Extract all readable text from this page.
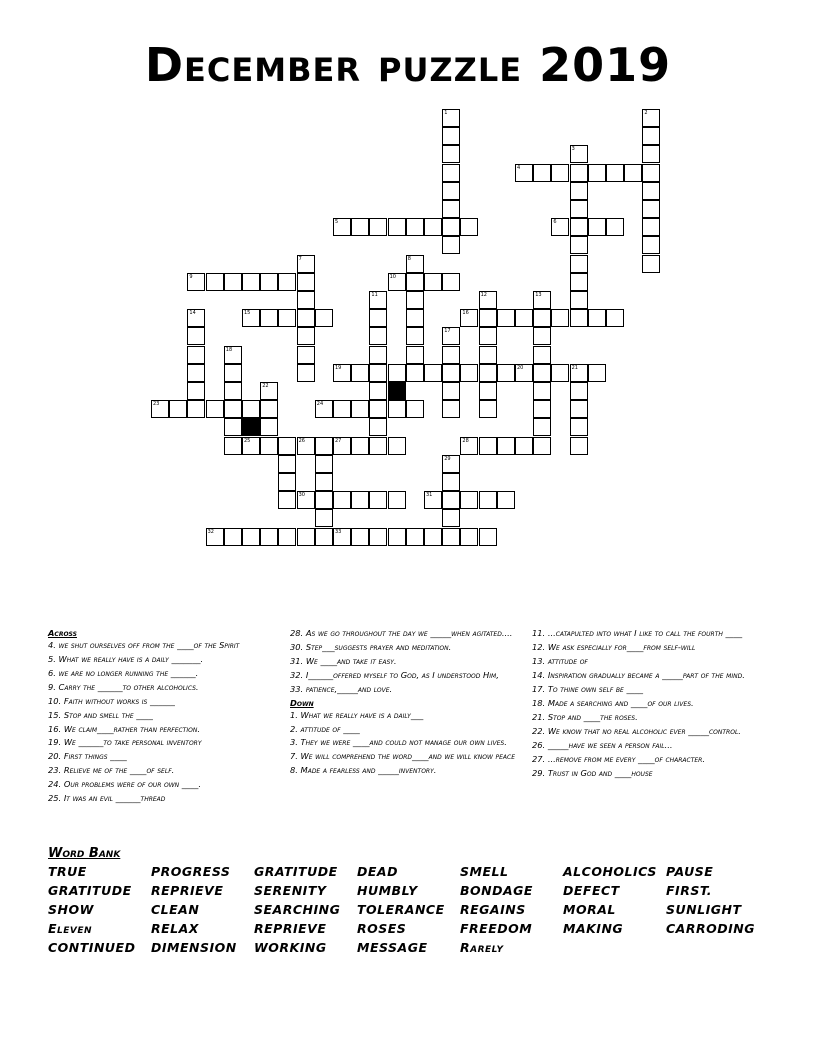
December puzzle 2019
1	2
3
7	8
11	12	13
14
17
18
21
22
29
4
5	6
9	10
15	16
19	20
23	24
25	26	27	28
30	31
32	33
Across
4. we shut ourselves off from the ____of the Spirit
5. What we really have is a daily _______.
6. we are no longer running the ______.
9. Carry the ______to other alcoholics.
10. Faith without works is ______
15. Stop and smell the ____
16. We claim____rather than perfection.
19. We ______to take personal inventory
20. First things ____
23. Relieve me of the ____of self.
24. Our problems were of our own ____.
25. It was an evil ______thread
28. As we go throughout the day we _____when agitated....
30. Step___suggests prayer and meditation.
31. We ____and take it easy.
32. I______offered myself to God, as I understood Him,
33. patience,_____and love.
Down
1. What we really have is a daily___
2. attitude of ____
3. They we were ____and could not manage our own lives.
7. We will comprehend the word____and we will know peace
8. Made a fearless and _____inventory.
11. ...catapulted into what I like to call the fourth ____
12. We ask especially for____from self-will
13. attitude of
14. Inspiration gradually became a _____part of the mind.
17. To thine own self be ____
18. Made a searching and ____of our lives.
21. Stop and ____the roses.
22. We know that no real alcoholic ever _____control.
26. _____have we seen a person fail...
27. ...remove from me every ____of character.
29. Trust in God and ____house
Word Bank
TRUE	PROGRESS GRATITUDE DEAD	SMELL	ALCOHOLICS PAUSE
GRATITUDE REPRIEVE SERENITY HUMBLY	BONDAGE DEFECT	FIRST.
SHOW	CLEAN	SEARCHING TOLERANCE REGAINS	MORAL	SUNLIGHT
Eleven	RELAX	REPRIEVE ROSES	FREEDOM MAKING	CARRODING
CONTINUED DIMENSION WORKING MESSAGE	Rarely
